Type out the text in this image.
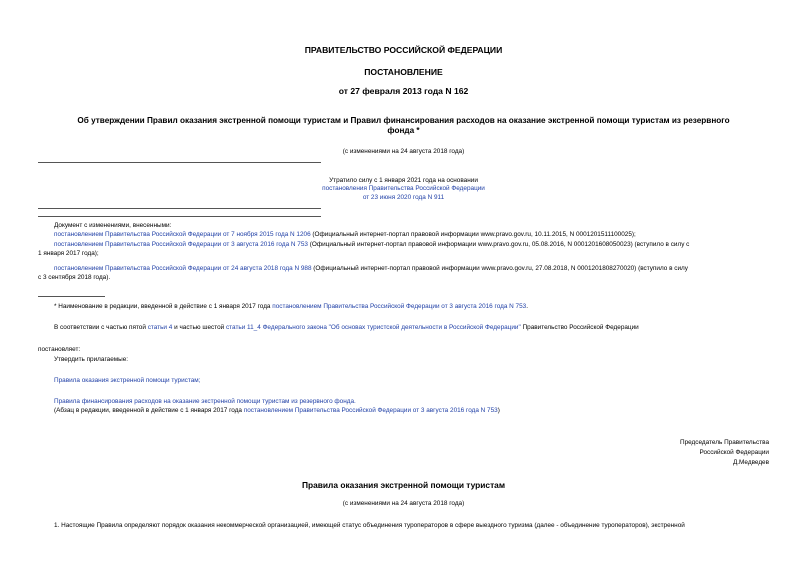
ПРАВИТЕЛЬСТВО РОССИЙСКОЙ ФЕДЕРАЦИИ
ПОСТАНОВЛЕНИЕ
от 27 февраля 2013 года N 162
Об утверждении Правил оказания экстренной помощи туристам и Правил финансирования расходов на оказание экстренной помощи туристам из резервного
фонда *
(с изменениями на 24 августа 2018 года)
Утратило силу с 1 января 2021 года на основании
постановления Правительства Российской Федерации
от 23 июня 2020 года N 911
Документ с изменениями, внесенными:
постановлением Правительства Российской Федерации от 7 ноября 2015 года N 1206 (Официальный интернет-портал правовой информации www.pravo.gov.ru, 10.11.2015, N 0001201511100025);
постановлением Правительства Российской Федерации от 3 августа 2016 года N 753 (Официальный интернет-портал правовой информации www.pravo.gov.ru, 05.08.2016, N 0001201608050023) (вступило в силу с
1 января 2017 года);
постановлением Правительства Российской Федерации от 24 августа 2018 года N 988 (Официальный интернет-портал правовой информации www.pravo.gov.ru, 27.08.2018, N 0001201808270020) (вступило в силу
с 3 сентября 2018 года).
* Наименование в редакции, введенной в действие с 1 января 2017 года постановлением Правительства Российской Федерации от 3 августа 2016 года N 753.
В соответствии с частью пятой статьи 4 и частью шестой статьи 11_4 Федерального закона "Об основах туристской деятельности в Российской Федерации" Правительство Российской Федерации
постановляет:
Утвердить прилагаемые:
Правила оказания экстренной помощи туристам;
Правила финансирования расходов на оказание экстренной помощи туристам из резервного фонда.
(Абзац в редакции, введенной в действие с 1 января 2017 года постановлением Правительства Российской Федерации от 3 августа 2016 года N 753)
Председатель Правительства
Российской Федерации
Д.Медведев
Правила оказания экстренной помощи туристам
(с изменениями на 24 августа 2018 года)
1. Настоящие Правила определяют порядок оказания некоммерческой организацией, имеющей статус объединения туроператоров в сфере выездного туризма (далее - объединение туроператоров), экстренной
